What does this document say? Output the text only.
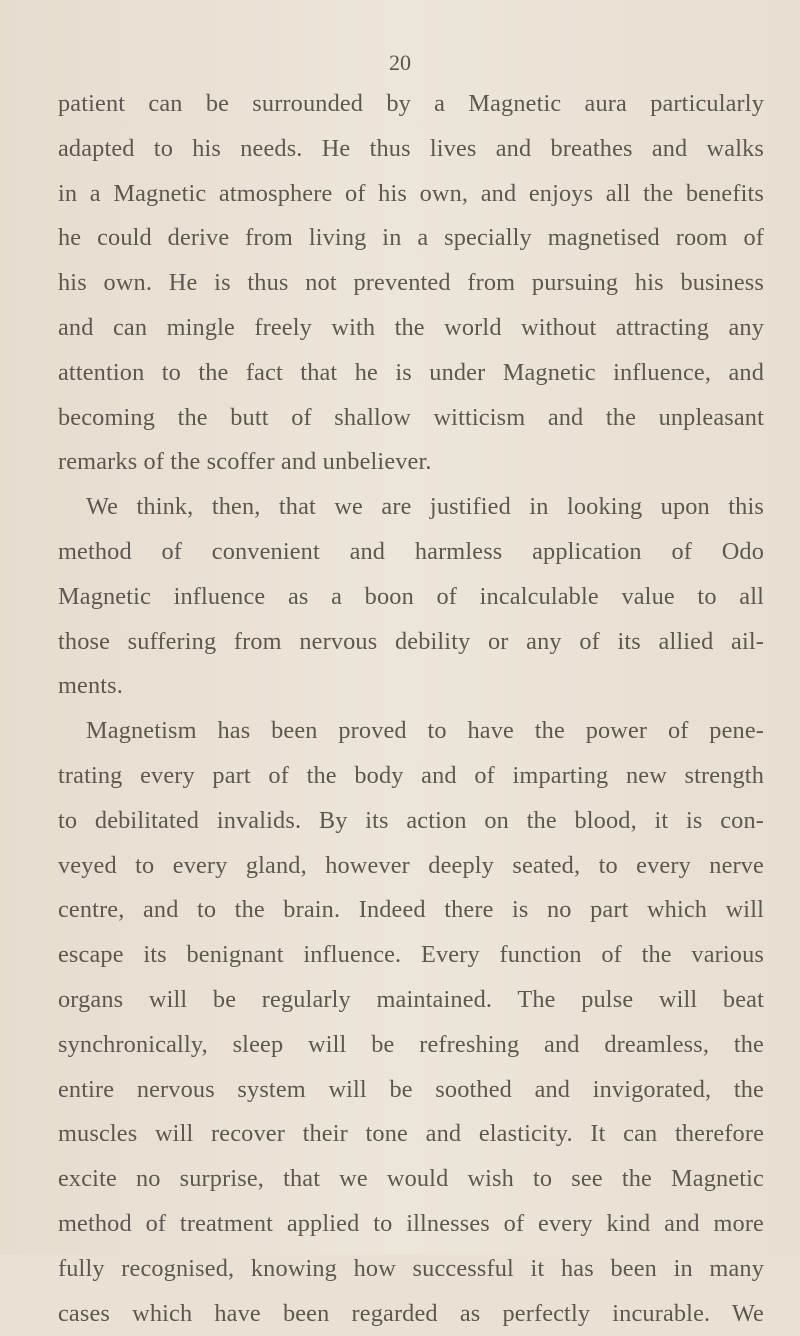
20
patient can be surrounded by a Magnetic aura particularly
adapted to his needs. He thus lives and breathes and walks
in a Magnetic atmosphere of his own, and enjoys all the benefits
he could derive from living in a specially magnetised room of
his own. He is thus not prevented from pursuing his business
and can mingle freely with the world without attracting any
attention to the fact that he is under Magnetic influence, and
becoming the butt of shallow witticism and the unpleasant
remarks of the scoffer and unbeliever.
We think, then, that we are justified in looking upon this
method of convenient and harmless application of Odo
Magnetic influence as a boon of incalculable value to all
those suffering from nervous debility or any of its allied ail-
ments.
Magnetism has been proved to have the power of pene-
trating every part of the body and of imparting new strength
to debilitated invalids. By its action on the blood, it is con-
veyed to every gland, however deeply seated, to every nerve
centre, and to the brain. Indeed there is no part which will
escape its benignant influence. Every function of the various
organs will be regularly maintained. The pulse will beat
synchronically, sleep will be refreshing and dreamless, the
entire nervous system will be soothed and invigorated, the
muscles will recover their tone and elasticity. It can therefore
excite no surprise, that we would wish to see the Magnetic
method of treatment applied to illnesses of every kind and more
fully recognised, knowing how successful it has been in many
cases which have been regarded as perfectly incurable. We
